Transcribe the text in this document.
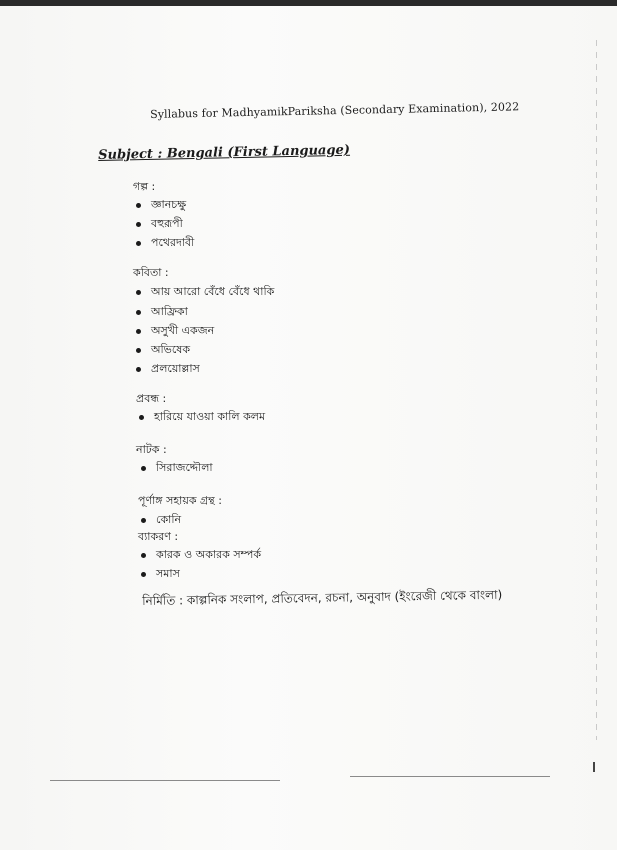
Syllabus for MadhyamikPariksha (Secondary Examination), 2022
Subject : Bengali (First Language)
গল্প :
জ্ঞানচক্ষু
বহুরূপী
পথেরদাবী
কবিতা :
আয় আরো বেঁধে বেঁধে থাকি
আফ্রিকা
অসুখী একজন
অভিষেক
প্রলয়োল্লাস
প্রবন্ধ :
হারিয়ে যাওয়া কালি কলম
নাটক :
সিরাজদ্দৌলা
পূর্ণাঙ্গ সহায়ক গ্রন্থ :
কোনি
ব্যাকরণ :
কারক ও অকারক সম্পর্ক
সমাস
নির্মিতি : কাল্পনিক সংলাপ, প্রতিবেদন, রচনা, অনুবাদ (ইংরেজী থেকে বাংলা)
